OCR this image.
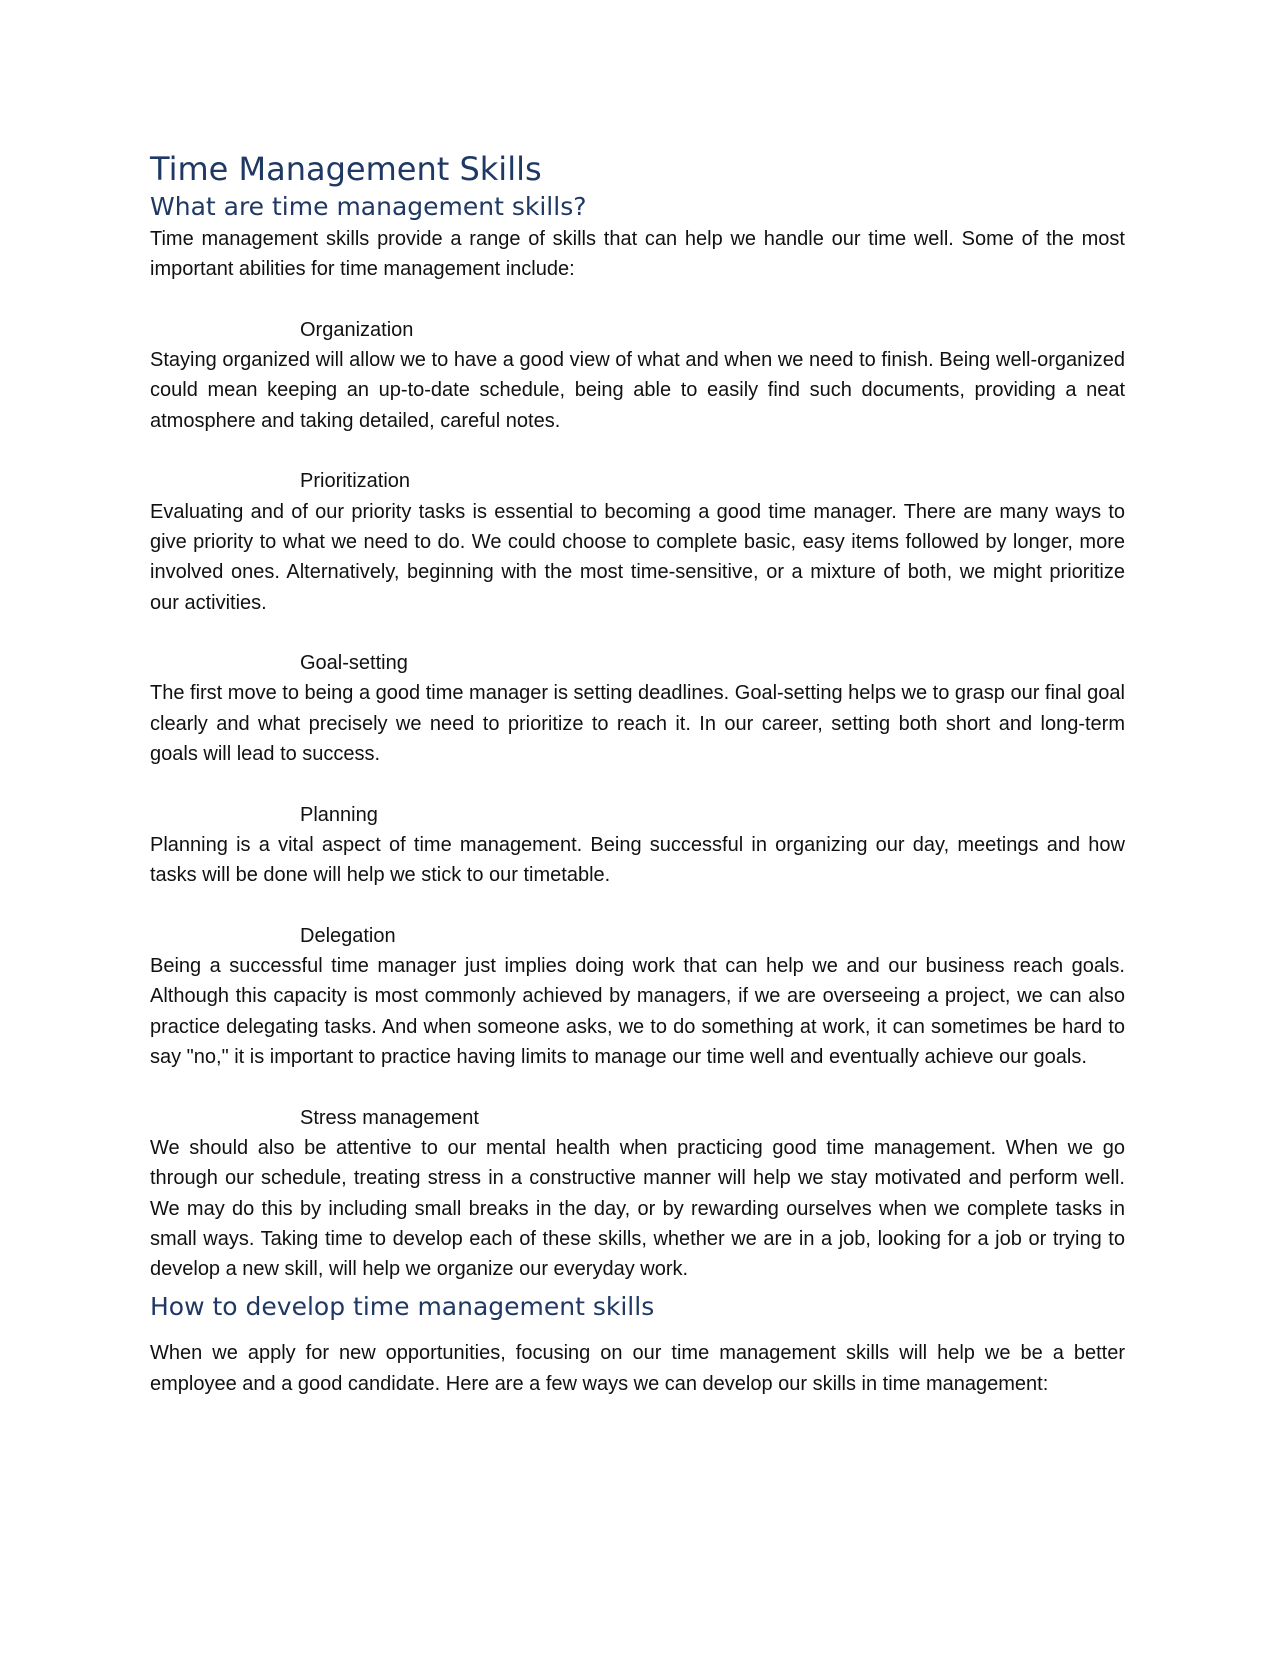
Time Management Skills
What are time management skills?

Time management skills provide a range of skills that can help we handle our time well. Some of the most important abilities for time management include:

Organization

Staying organized will allow we to have a good view of what and when we need to finish. Being well-organized could mean keeping an up-to-date schedule, being able to easily find such documents, providing a neat atmosphere and taking detailed, careful notes.

Prioritization

Evaluating and of our priority tasks is essential to becoming a good time manager. There are many ways to give priority to what we need to do. We could choose to complete basic, easy items followed by longer, more involved ones. Alternatively, beginning with the most time-sensitive, or a mixture of both, we might prioritize our activities.

Goal-setting

The first move to being a good time manager is setting deadlines. Goal-setting helps we to grasp our final goal clearly and what precisely we need to prioritize to reach it. In our career, setting both short and long-term goals will lead to success.

Planning

Planning is a vital aspect of time management. Being successful in organizing our day, meetings and how tasks will be done will help we stick to our timetable.

Delegation

Being a successful time manager just implies doing work that can help we and our business reach goals. Although this capacity is most commonly achieved by managers, if we are overseeing a project, we can also practice delegating tasks. And when someone asks, we to do something at work, it can sometimes be hard to say "no," it is important to practice having limits to manage our time well and eventually achieve our goals.

Stress management

We should also be attentive to our mental health when practicing good time management. When we go through our schedule, treating stress in a constructive manner will help we stay motivated and perform well. We may do this by including small breaks in the day, or by rewarding ourselves when we complete tasks in small ways. Taking time to develop each of these skills, whether we are in a job, looking for a job or trying to develop a new skill, will help we organize our everyday work.

How to develop time management skills

When we apply for new opportunities, focusing on our time management skills will help we be a better employee and a good candidate. Here are a few ways we can develop our skills in time management:
